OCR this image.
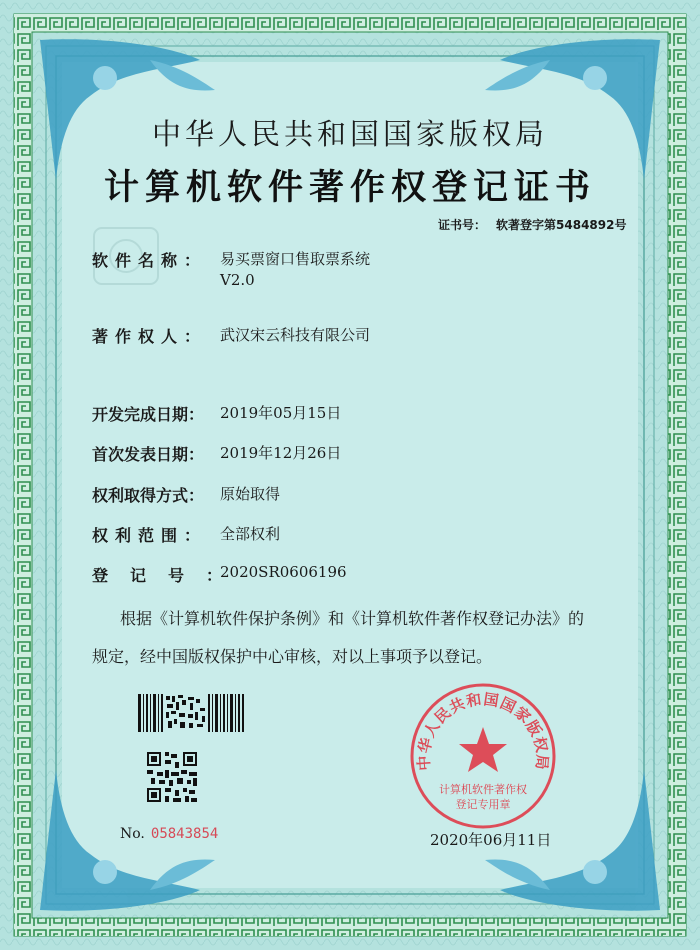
中华人民共和国国家版权局
计算机软件著作权登记证书
证书号： 软著登字第5484892号
软件名称： 易买票窗口售取票系统
V2.0
著作权人： 武汉宋云科技有限公司
开发完成日期： 2019年05月15日
首次发表日期： 2019年12月26日
权利取得方式： 原始取得
权利范围： 全部权利
登记号：
2020SR0606196
根据《计算机软件保护条例》和《计算机软件著作权登记办法》的
规定，经中国版权保护中心审核，对以上事项予以登记。
No. 05843854
中华人民共和国国家版权局
计算机软件著作权
登记专用章
2020年06月11日
